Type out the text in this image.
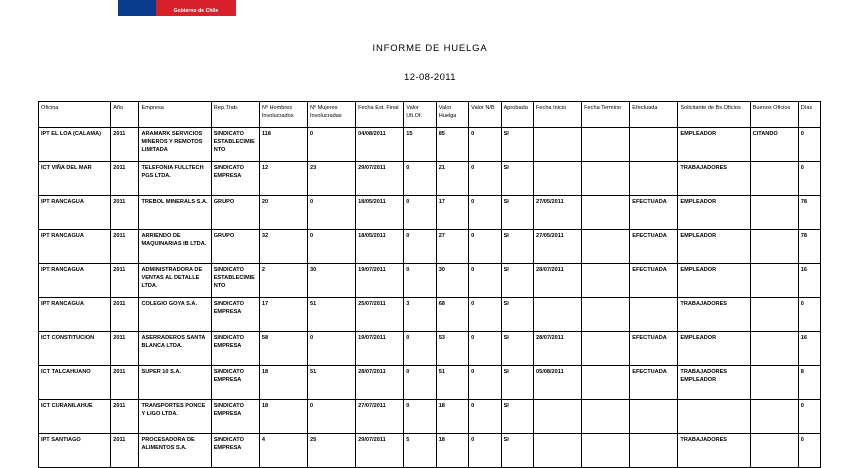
Gobierno de Chile
INFORME DE HUELGA
12-08-2011
Oficina	Año	Empresa	Rep.Trab.	Nº Hombres Involucrados	Nº Mujeres Involucradas	Fecha Est. Final	Valor Ult.Of.	Valor Huelga	Valor N/B	Aprobada	Fecha Inicio	Fecha Termino	Efectuada	Solicitante de Bs.Oficios	Buenos Oficios	Días
IPT EL LOA (CALAMA)	2011	ARAMARK SERVICIOS MINEROS Y REMOTOS LIMITADA	SINDICATO ESTABLECIMIENTO	118	0	04/08/2011	15	85	0	SI				EMPLEADOR	CITANDO	0
ICT VIÑA DEL MAR	2011	TELEFONIA FULLTECH PGS LTDA.	SINDICATO EMPRESA	12	23	29/07/2011	0	21	0	SI				TRABAJADORES		0
IPT RANCAGUA	2011	TREBOL MINERALS S.A.	GRUPO	20	0	18/05/2011	0	17	0	SI	27/05/2011		EFECTUADA	EMPLEADOR		78
IPT RANCAGUA	2011	ARRIENDO DE MAQUINARIAS IB LTDA.	GRUPO	32	0	18/05/2011	0	27	0	SI	27/05/2011		EFECTUADA	EMPLEADOR		78
IPT RANCAGUA	2011	ADMINISTRADORA DE VENTAS AL DETALLE LTDA.	SINDICATO ESTABLECIMIENTO	2	30	19/07/2011	0	30	0	SI	28/07/2011		EFECTUADA	EMPLEADOR		16
IPT RANCAGUA	2011	COLEGIO GOYA S.A.	SINDICATO EMPRESA	17	51	25/07/2011	3	68	0	SI				TRABAJADORES		0
ICT CONSTITUCION	2011	ASERRADEROS SANTA BLANCA LTDA.	SINDICATO EMPRESA	58	0	19/07/2011	0	53	0	SI	28/07/2011		EFECTUADA	EMPLEADOR		16
ICT TALCAHUANO	2011	SUPER 10 S.A.	SINDICATO EMPRESA	18	51	28/07/2011	0	51	0	SI	05/08/2011		EFECTUADA	TRABAJADORES EMPLEADOR		8
ICT CURANILAHUE	2011	TRANSPORTES PONCE Y LIGO LTDA.	SINDICATO EMPRESA	18	0	27/07/2011	0	18	0	SI						0
IPT SANTIAGO	2011	PROCESADORA DE ALIMENTOS S.A.	SINDICATO EMPRESA	4	25	29/07/2011	5	18	0	SI				TRABAJADORES		0
